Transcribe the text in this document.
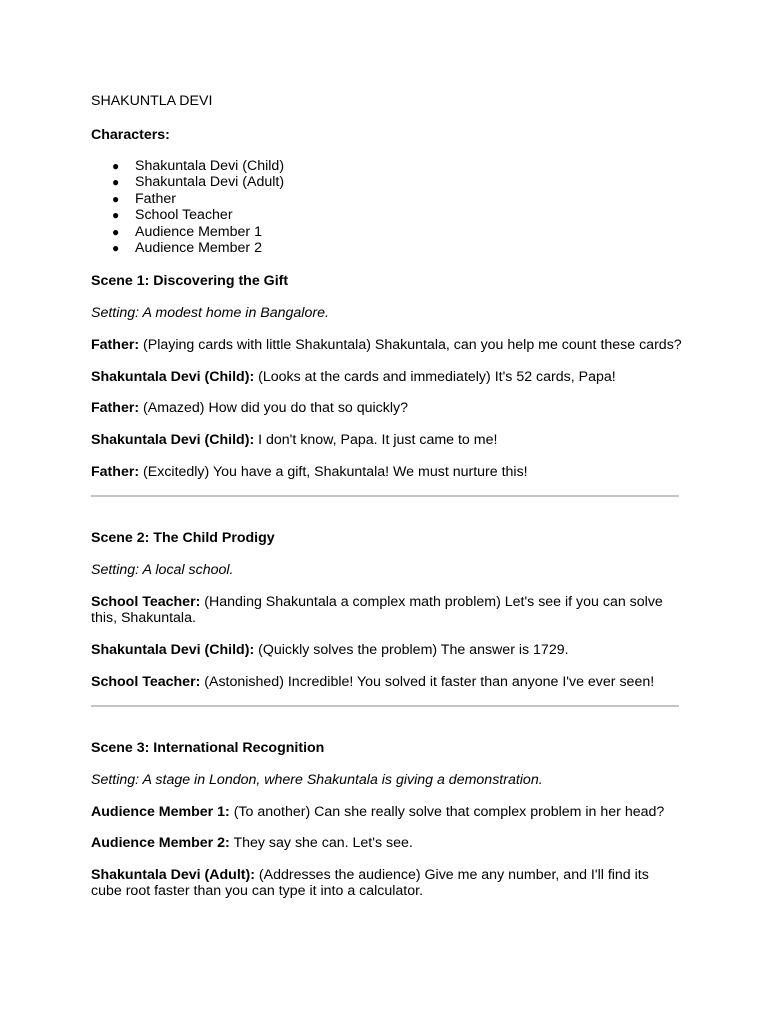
SHAKUNTLA DEVI
Characters:
● Shakuntala Devi (Child)
● Shakuntala Devi (Adult)
● Father
● School Teacher
● Audience Member 1
● Audience Member 2
Scene 1: Discovering the Gift
Setting: A modest home in Bangalore.
Father: (Playing cards with little Shakuntala) Shakuntala, can you help me count these cards?
Shakuntala Devi (Child): (Looks at the cards and immediately) It's 52 cards, Papa!
Father: (Amazed) How did you do that so quickly?
Shakuntala Devi (Child): I don't know, Papa. It just came to me!
Father: (Excitedly) You have a gift, Shakuntala! We must nurture this!
Scene 2: The Child Prodigy
Setting: A local school.
School Teacher: (Handing Shakuntala a complex math problem) Let's see if you can solve this, Shakuntala.
Shakuntala Devi (Child): (Quickly solves the problem) The answer is 1729.
School Teacher: (Astonished) Incredible! You solved it faster than anyone I've ever seen!
Scene 3: International Recognition
Setting: A stage in London, where Shakuntala is giving a demonstration.
Audience Member 1: (To another) Can she really solve that complex problem in her head?
Audience Member 2: They say she can. Let's see.
Shakuntala Devi (Adult): (Addresses the audience) Give me any number, and I'll find its cube root faster than you can type it into a calculator.
